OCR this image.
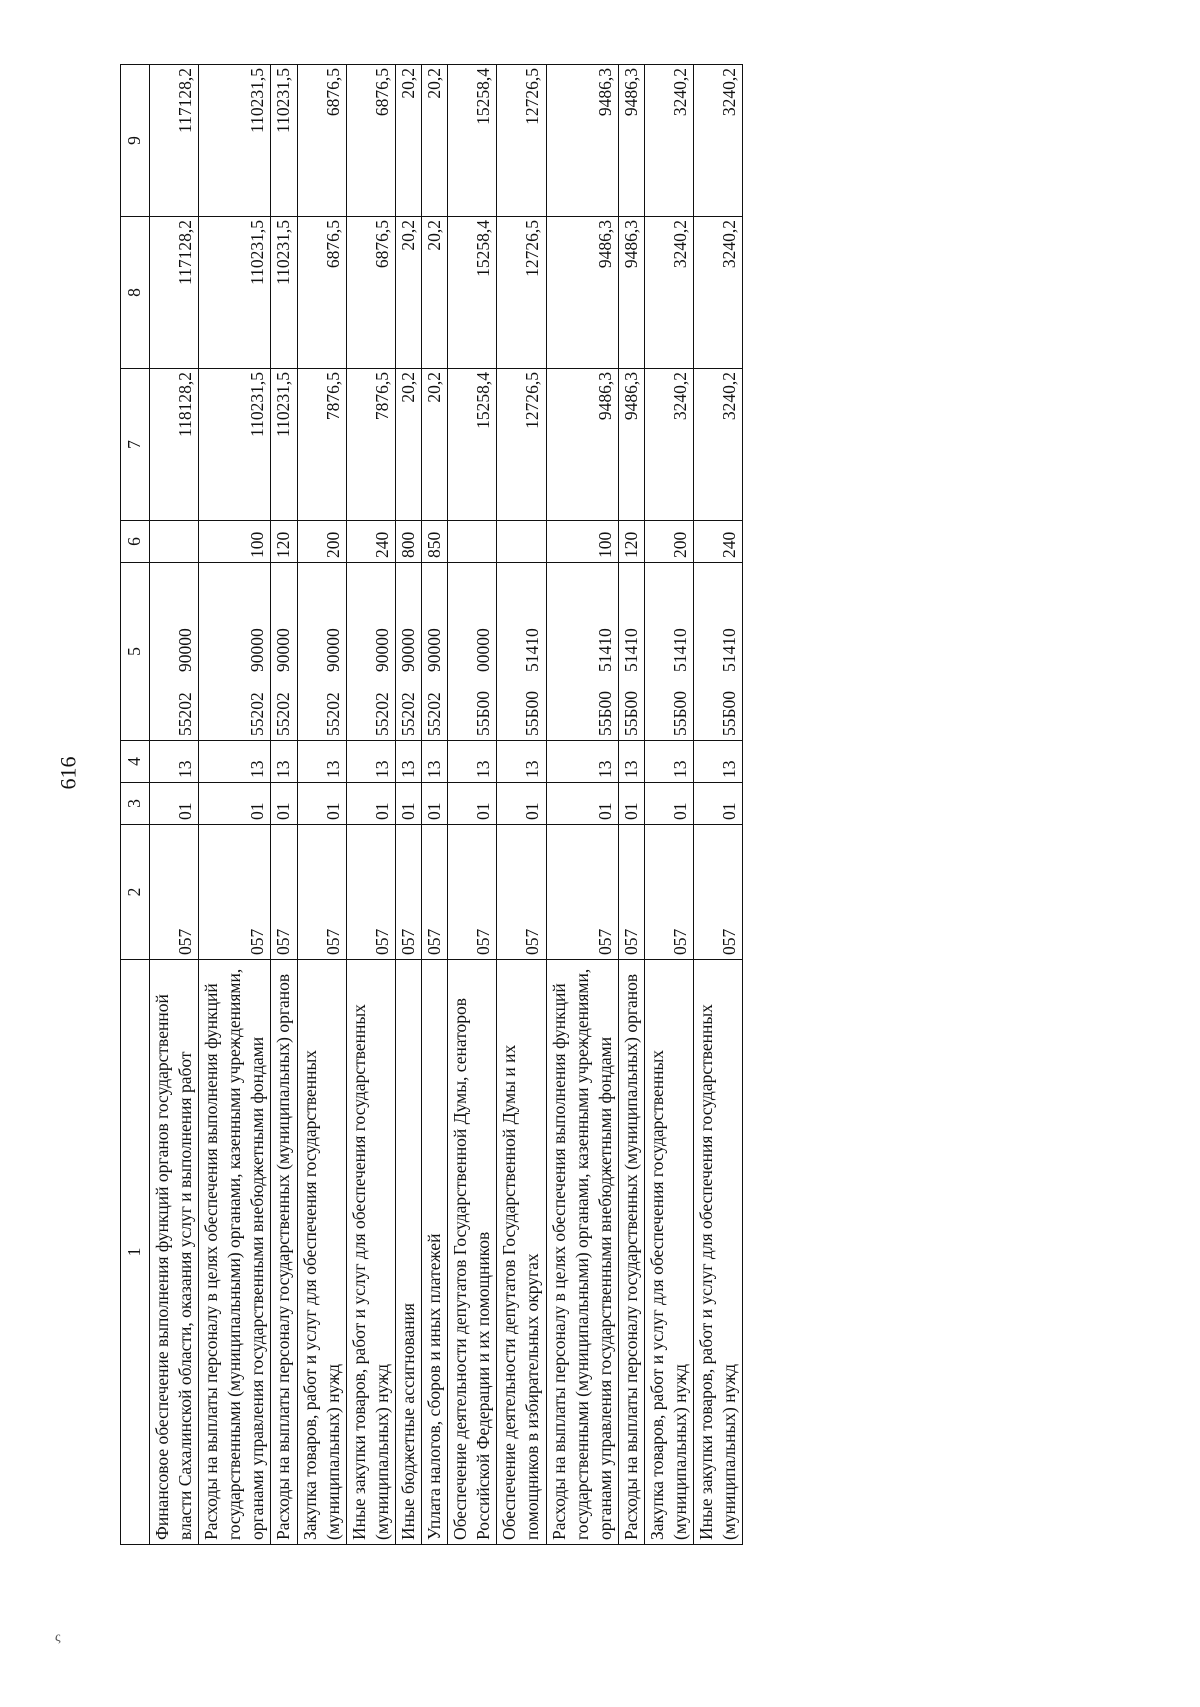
616
ς
1	2	3	4	5	6	7	8	9
Финансовое обеспечение выполнения функций органов государственной власти Сахалинской области, оказания услуг и выполнения работ	057	01	13	5520290000		118128,2	117128,2	117128,2
Расходы на выплаты персоналу в целях обеспечения выполнения функций государственными (муниципальными) органами, казенными учреждениями, органами управления государственными внебюджетными фондами	057	01	13	5520290000	100	110231,5	110231,5	110231,5
Расходы на выплаты персоналу государственных (муниципальных) органов	057	01	13	5520290000	120	110231,5	110231,5	110231,5
Закупка товаров, работ и услуг для обеспечения государственных (муниципальных) нужд	057	01	13	5520290000	200	7876,5	6876,5	6876,5
Иные закупки товаров, работ и услуг для обеспечения государственных (муниципальных) нужд	057	01	13	5520290000	240	7876,5	6876,5	6876,5
Иные бюджетные ассигнования	057	01	13	5520290000	800	20,2	20,2	20,2
Уплата налогов, сборов и иных платежей	057	01	13	5520290000	850	20,2	20,2	20,2
Обеспечение деятельности депутатов Государственной Думы, сенаторов Российской Федерации и их помощников	057	01	13	55Б0000000		15258,4	15258,4	15258,4
Обеспечение деятельности депутатов Государственной Думы и их помощников в избирательных округах	057	01	13	55Б0051410		12726,5	12726,5	12726,5
Расходы на выплаты персоналу в целях обеспечения выполнения функций государственными (муниципальными) органами, казенными учреждениями, органами управления государственными внебюджетными фондами	057	01	13	55Б0051410	100	9486,3	9486,3	9486,3
Расходы на выплаты персоналу государственных (муниципальных) органов	057	01	13	55Б0051410	120	9486,3	9486,3	9486,3
Закупка товаров, работ и услуг для обеспечения государственных (муниципальных) нужд	057	01	13	55Б0051410	200	3240,2	3240,2	3240,2
Иные закупки товаров, работ и услуг для обеспечения государственных (муниципальных) нужд	057	01	13	55Б0051410	240	3240,2	3240,2	3240,2
